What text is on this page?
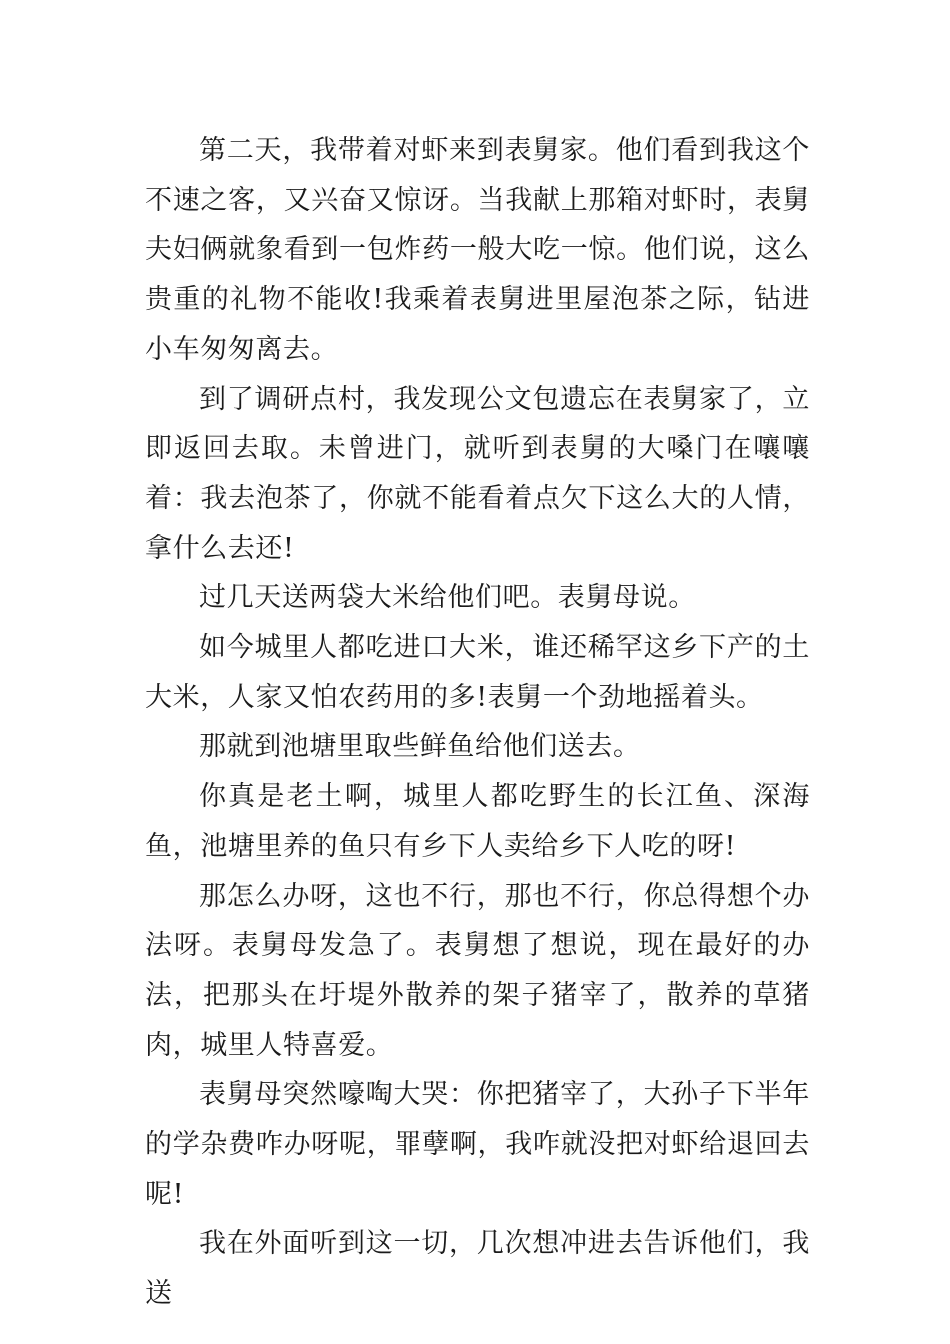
第二天，我带着对虾来到表舅家。他们看到我这个不速之客，又兴奋又惊讶。当我献上那箱对虾时，表舅夫妇俩就象看到一包炸药一般大吃一惊。他们说，这么贵重的礼物不能收!我乘着表舅进里屋泡茶之际，钻进小车匆匆离去。

到了调研点村，我发现公文包遗忘在表舅家了，立即返回去取。未曾进门，就听到表舅的大嗓门在嚷嚷着：我去泡茶了，你就不能看着点欠下这么大的人情，拿什么去还!

过几天送两袋大米给他们吧。表舅母说。

如今城里人都吃进口大米，谁还稀罕这乡下产的土大米，人家又怕农药用的多!表舅一个劲地摇着头。

那就到池塘里取些鲜鱼给他们送去。

你真是老土啊，城里人都吃野生的长江鱼、深海鱼，池塘里养的鱼只有乡下人卖给乡下人吃的呀!

那怎么办呀，这也不行，那也不行，你总得想个办法呀。表舅母发急了。表舅想了想说，现在最好的办法，把那头在圩堤外散养的架子猪宰了，散养的草猪肉，城里人特喜爱。

表舅母突然嚎啕大哭：你把猪宰了，大孙子下半年的学杂费咋办呀呢，罪孽啊，我咋就没把对虾给退回去呢!

我在外面听到这一切，几次想冲进去告诉他们，我送
